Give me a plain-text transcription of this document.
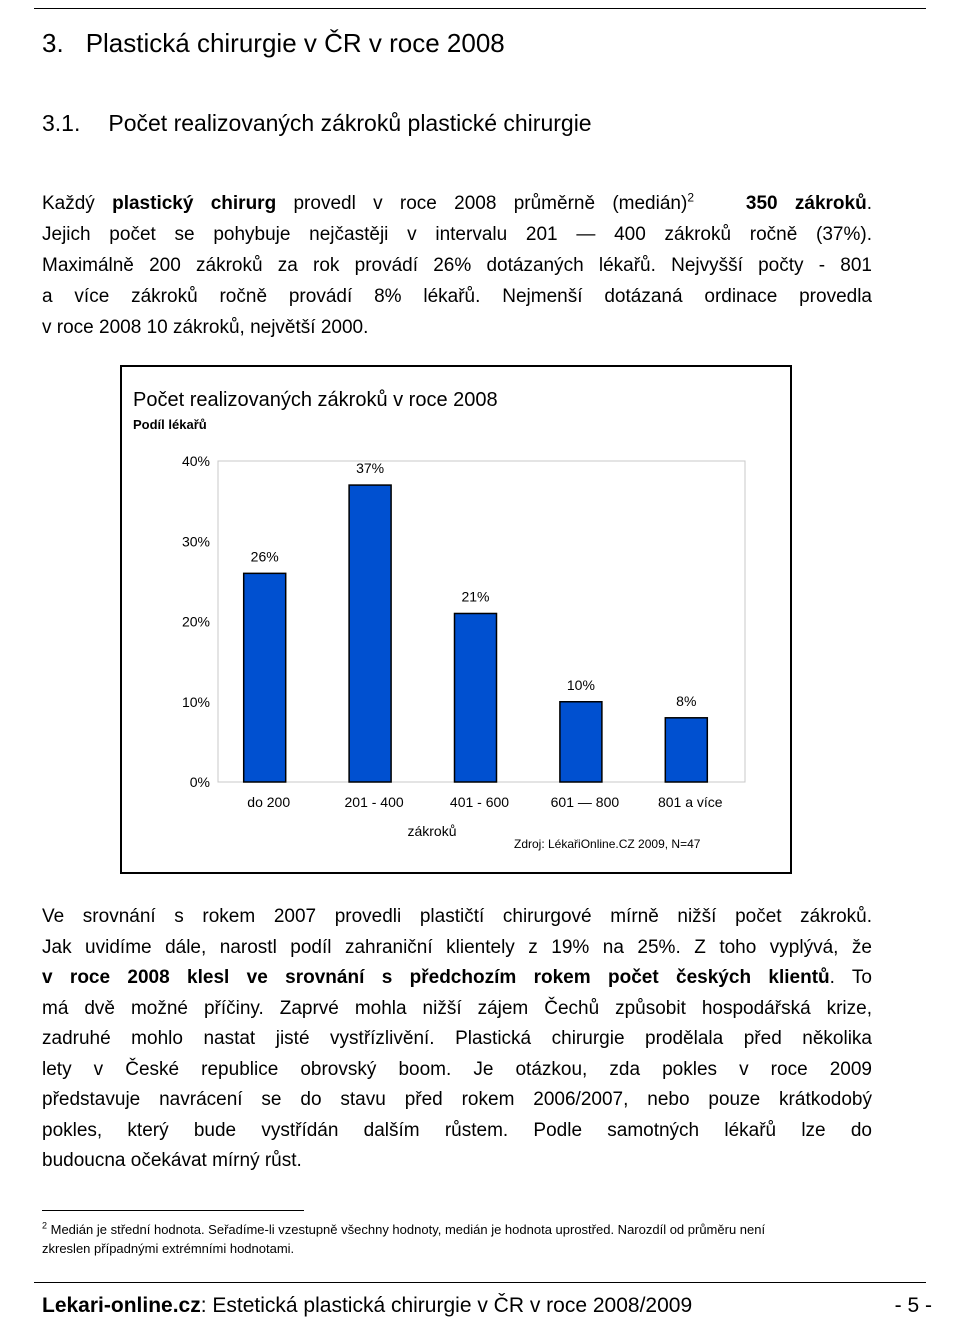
3. Plastická chirurgie v ČR v roce 2008
3.1. Počet realizovaných zákroků plastické chirurgie
Každý plastický chirurg provedl v roce 2008 průměrně (medián)$^2$	350 zákroků.
Jejich počet se pohybuje nejčastěji v intervalu 201 — 400 zákroků ročně (37%).
Maximálně 200 zákroků za rok provádí 26% dotázaných lékařů. Nejvyšší počty - 801
a více zákroků ročně provádí 8% lékařů. Nejmenší dotázaná ordinace provedla
v roce 2008 10 zákroků, největší 2000.
Počet realizovaných zákroků v roce 2008
Podíl lékařů
0%
10%
20%
30%
40%
26%
do 200
37%
201 - 400
21%
401 - 600
10%
601 — 800
8%
801 a více
zákroků
Zdroj: LékařiOnline.CZ 2009, N=47
Ve srovnání s rokem 2007 provedli plastičtí chirurgové mírně nižší počet zákroků.
Jak uvidíme dále, narostl podíl zahraniční klientely z 19% na 25%. Z toho vyplývá, že
v roce 2008 klesl ve srovnání s předchozím rokem počet českých klientů. To
má dvě možné příčiny. Zaprvé mohla nižší zájem Čechů způsobit hospodářská krize,
zadruhé mohlo nastat jisté vystřízlivění. Plastická chirurgie prodělala před několika
lety v České republice obrovský boom. Je otázkou, zda pokles v roce 2009
představuje navrácení se do stavu před rokem 2006/2007, nebo pouze krátkodobý
pokles, který bude vystřídán dalším růstem. Podle samotných lékařů lze do
budoucna očekávat mírný růst.
$^2$ Medián je střední hodnota. Seřadíme-li vzestupně všechny hodnoty, medián je hodnota uprostřed. Narozdíl od průměru není
zkreslen případnými extrémními hodnotami.
Lekari-online.cz: Estetická plastická chirurgie v ČR v roce 2008/2009	- 5 -
